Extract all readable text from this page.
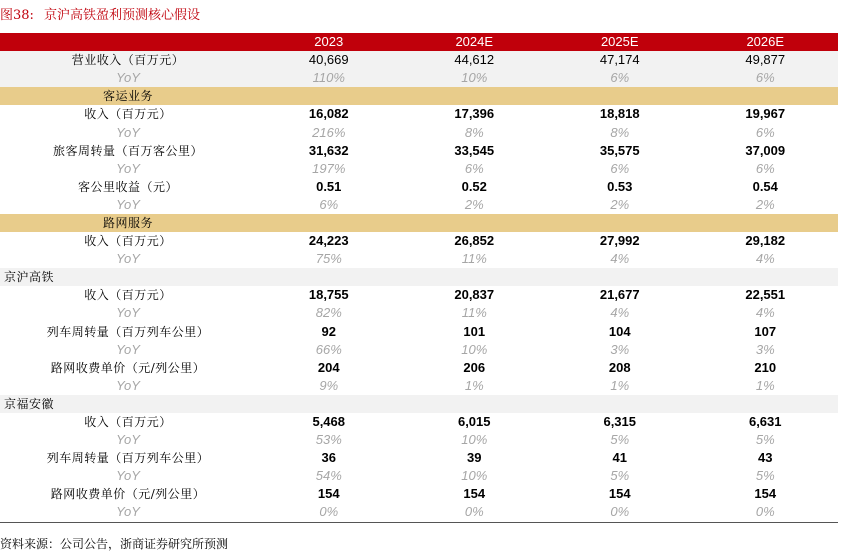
图38: 京沪高铁盈利预测核心假设
	2023	2024E	2025E	2026E
营业收入（百万元）	40,669	44,612	47,174	49,877
YoY	110%	10%	6%	6%
客运业务				
收入（百万元）	16,082	17,396	18,818	19,967
YoY	216%	8%	8%	6%
旅客周转量（百万客公里）	31,632	33,545	35,575	37,009
YoY	197%	6%	6%	6%
客公里收益（元）	0.51	0.52	0.53	0.54
YoY	6%	2%	2%	2%
路网服务				
收入（百万元）	24,223	26,852	27,992	29,182
YoY	75%	11%	4%	4%
京沪高铁				
收入（百万元）	18,755	20,837	21,677	22,551
YoY	82%	11%	4%	4%
列车周转量（百万列车公里）	92	101	104	107
YoY	66%	10%	3%	3%
路网收费单价（元/列公里）	204	206	208	210
YoY	9%	1%	1%	1%
京福安徽				
收入（百万元）	5,468	6,015	6,315	6,631
YoY	53%	10%	5%	5%
列车周转量（百万列车公里）	36	39	41	43
YoY	54%	10%	5%	5%
路网收费单价（元/列公里）	154	154	154	154
YoY	0%	0%	0%	0%
资料来源：公司公告，浙商证券研究所预测
